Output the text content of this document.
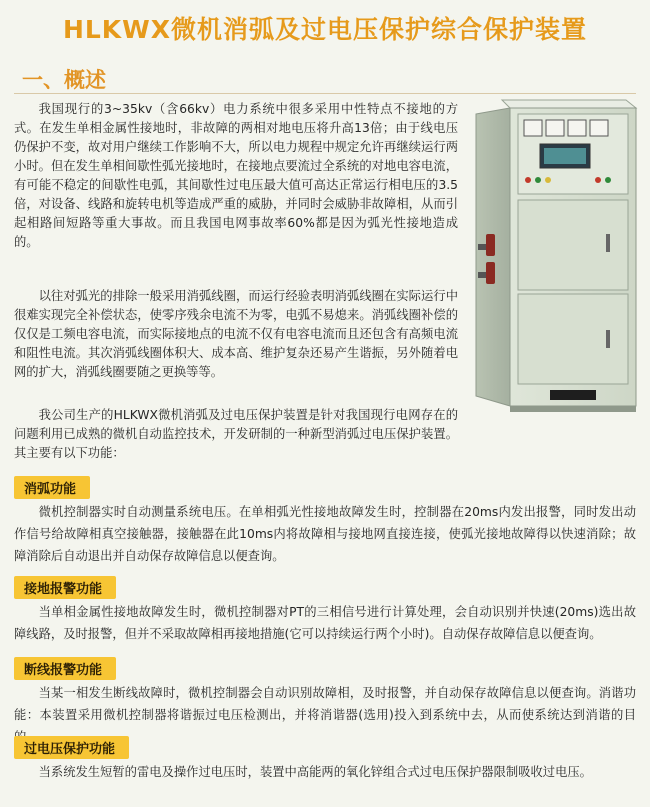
HLKWX微机消弧及过电压保护综合保护装置
一、概述

我国现行的3~35kv（含66kv）电力系统中很多采用中性特点不接地的方式。在发生单相金属性接地时，非故障的两相对地电压将升高13倍；由于线电压仍保护不变，故对用户继续工作影响不大，所以电力规程中规定允许再继续运行两小时。但在发生单相间歇性弧光接地时，在接地点要流过全系统的对地电容电流，有可能不稳定的间歇性电弧，其间歇性过电压最大值可高达正常运行相电压的3.5倍，对设备、线路和旋转电机等造成严重的威胁，并同时会威胁非故障相，从而引起相路间短路等重大事故。而且我国电网事故率60%都是因为弧光性接地造成的。

以往对弧光的排除一般采用消弧线圈，而运行经验表明消弧线圈在实际运行中很难实现完全补偿状态，使零序残余电流不为零，电弧不易熄来。消弧线圈补偿的仅仅是工频电容电流，而实际接地点的电流不仅有电容电流而且还包含有高频电流和阻性电流。其次消弧线圈体积大、成本高、维护复杂还易产生谐振，另外随着电网的扩大，消弧线圈要随之更换等等。

我公司生产的HLKWX微机消弧及过电压保护装置是针对我国现行电网存在的问题利用已成熟的微机自动监控技术，开发研制的一种新型消弧过电压保护装置。其主要有以下功能：

消弧功能

微机控制器实时自动测量系统电压。在单相弧光性接地故障发生时，控制器在20ms内发出报警，同时发出动作信号给故障相真空接触器，接触器在此10ms内将故障相与接地网直接连接，使弧光接地故障得以快速消除；故障消除后自动退出并自动保存故障信息以便查询。

接地报警功能

当单相金属性接地故障发生时，微机控制器对PT的三相信号进行计算处理，会自动识别并快速(20ms)选出故障线路，及时报警，但并不采取故障相再接地措施(它可以持续运行两个小时)。自动保存故障信息以便查询。

断线报警功能

当某一相发生断线故障时，微机控制器会自动识别故障相，及时报警，并自动保存故障信息以便查询。消谐功能：本装置采用微机控制器将谐振过电压检测出，并将消谐器(选用)投入到系统中去，从而使系统达到消谐的目

过电压保护功能

当系统发生短暂的雷电及操作过电压时，装置中高能两的氧化锌组合式过电压保护器限制吸收过电压。
